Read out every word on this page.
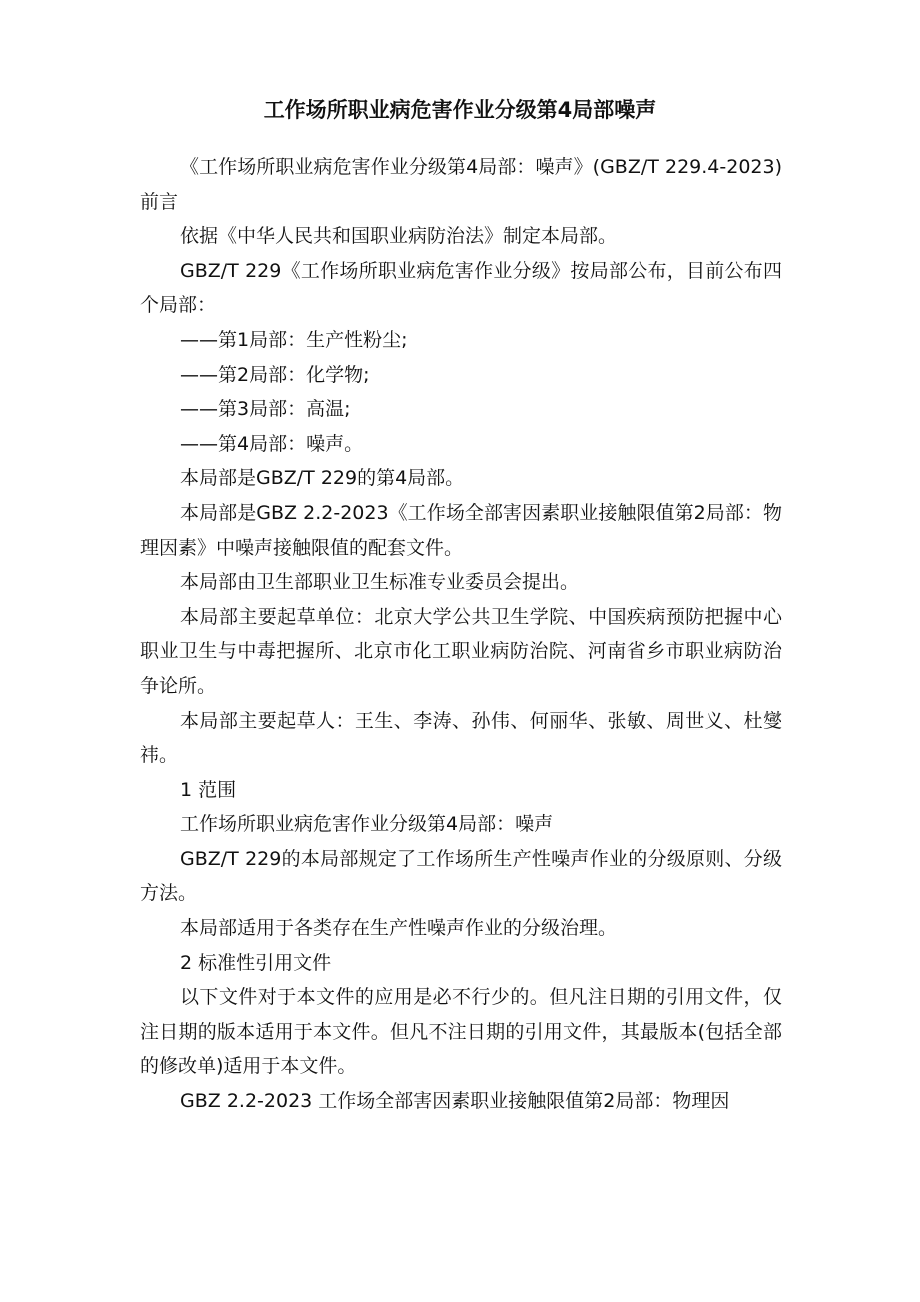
工作场所职业病危害作业分级第4局部噪声

《工作场所职业病危害作业分级第4局部：噪声》(GBZ/T 229.4-2023)前言

依据《中华人民共和国职业病防治法》制定本局部。

GBZ/T 229《工作场所职业病危害作业分级》按局部公布，目前公布四个局部：

——第1局部：生产性粉尘;

——第2局部：化学物;

——第3局部：高温;

——第4局部：噪声。

本局部是GBZ/T 229的第4局部。

本局部是GBZ 2.2-2023《工作场全部害因素职业接触限值第2局部：物理因素》中噪声接触限值的配套文件。

本局部由卫生部职业卫生标准专业委员会提出。

本局部主要起草单位：北京大学公共卫生学院、中国疾病预防把握中心职业卫生与中毒把握所、北京市化工职业病防治院、河南省乡市职业病防治争论所。

本局部主要起草人：王生、李涛、孙伟、何丽华、张敏、周世义、杜燮祎。

1 范围

工作场所职业病危害作业分级第4局部：噪声

GBZ/T 229的本局部规定了工作场所生产性噪声作业的分级原则、分级方法。

本局部适用于各类存在生产性噪声作业的分级治理。

2 标准性引用文件

以下文件对于本文件的应用是必不行少的。但凡注日期的引用文件，仅注日期的版本适用于本文件。但凡不注日期的引用文件，其最版本(包括全部的修改单)适用于本文件。

GBZ 2.2-2023 工作场全部害因素职业接触限值第2局部：物理因
